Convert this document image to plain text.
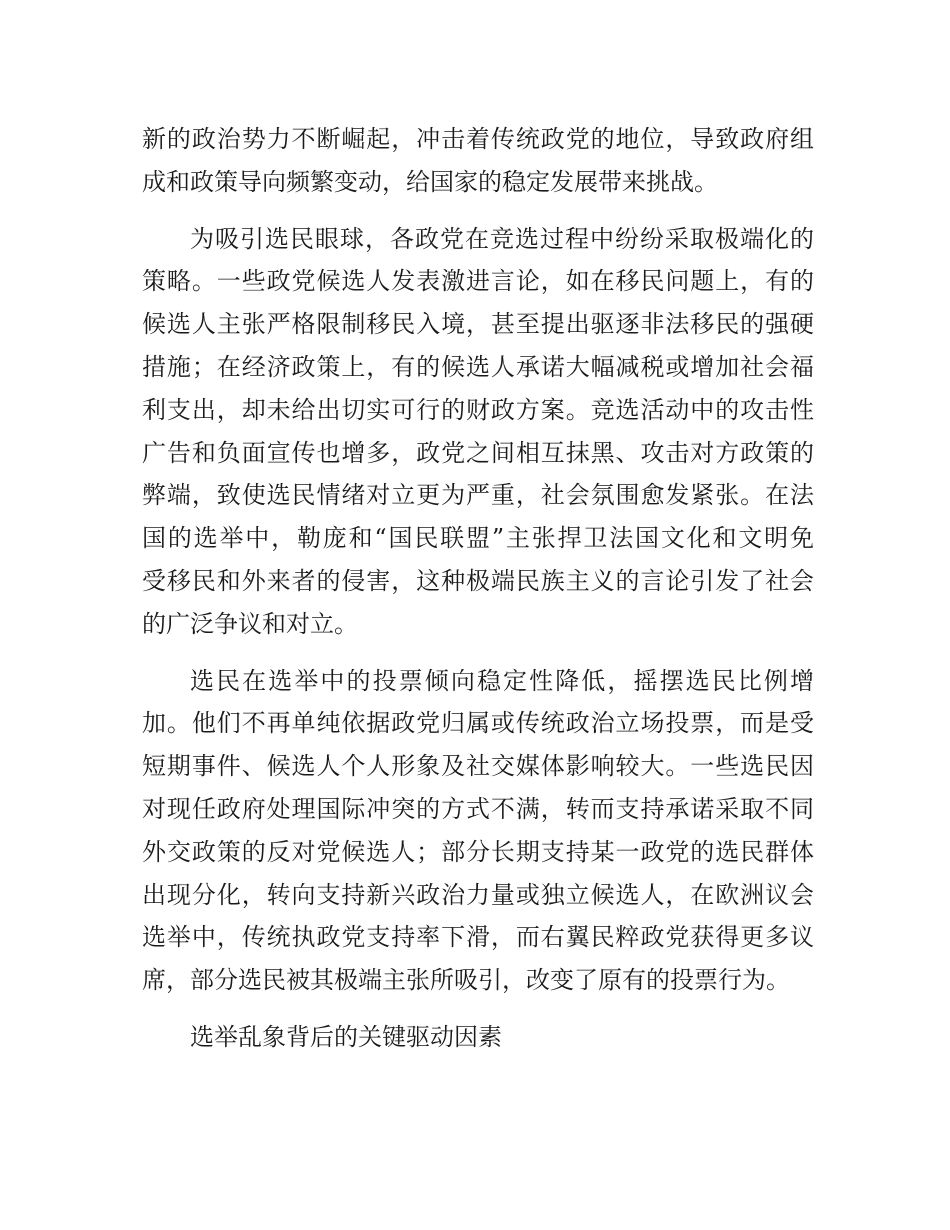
新的政治势力不断崛起，冲击着传统政党的地位，导致政府组
成和政策导向频繁变动，给国家的稳定发展带来挑战。

为吸引选民眼球，各政党在竞选过程中纷纷采取极端化的
策略。一些政党候选人发表激进言论，如在移民问题上，有的
候选人主张严格限制移民入境，甚至提出驱逐非法移民的强硬
措施；在经济政策上，有的候选人承诺大幅减税或增加社会福
利支出，却未给出切实可行的财政方案。竞选活动中的攻击性
广告和负面宣传也增多，政党之间相互抹黑、攻击对方政策的
弊端，致使选民情绪对立更为严重，社会氛围愈发紧张。在法
国的选举中，勒庞和“国民联盟”主张捍卫法国文化和文明免
受移民和外来者的侵害，这种极端民族主义的言论引发了社会
的广泛争议和对立。

选民在选举中的投票倾向稳定性降低，摇摆选民比例增
加。他们不再单纯依据政党归属或传统政治立场投票，而是受
短期事件、候选人个人形象及社交媒体影响较大。一些选民因
对现任政府处理国际冲突的方式不满，转而支持承诺采取不同
外交政策的反对党候选人；部分长期支持某一政党的选民群体
出现分化，转向支持新兴政治力量或独立候选人，在欧洲议会
选举中，传统执政党支持率下滑，而右翼民粹政党获得更多议
席，部分选民被其极端主张所吸引，改变了原有的投票行为。

选举乱象背后的关键驱动因素
